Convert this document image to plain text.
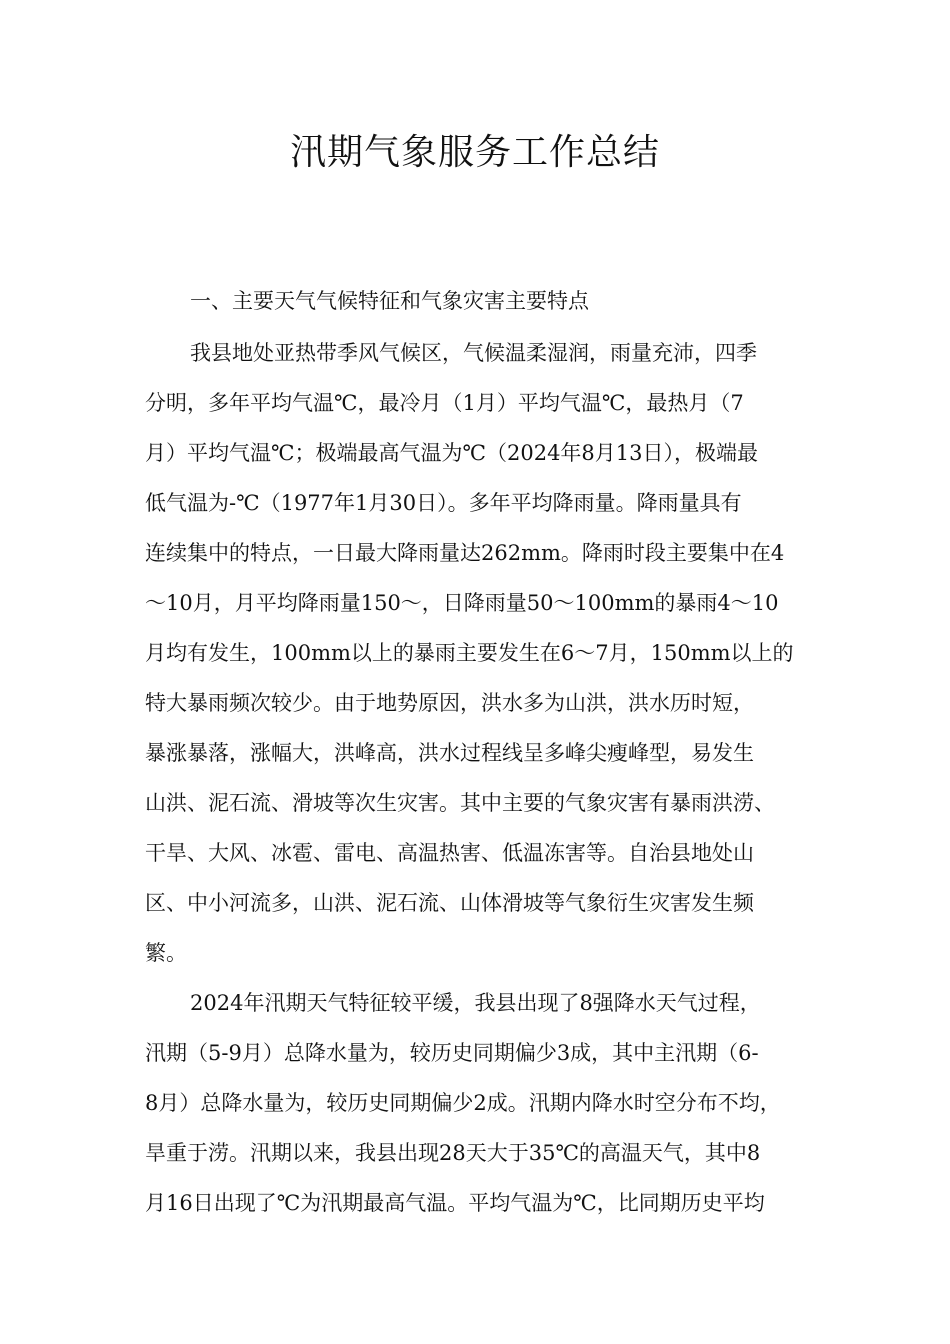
汛期气象服务工作总结
一、主要天气气候特征和气象灾害主要特点

我县地处亚热带季风气候区，气候温柔湿润，雨量充沛，四季

分明，多年平均气温℃，最冷月（1月）平均气温℃，最热月（7

月）平均气温℃；极端最高气温为℃（2024年8月13日），极端最

低气温为-℃（1977年1月30日）。多年平均降雨量。降雨量具有

连续集中的特点，一日最大降雨量达262mm。降雨时段主要集中在4

～10月，月平均降雨量150～，日降雨量50～100mm的暴雨4～10

月均有发生，100mm以上的暴雨主要发生在6～7月，150mm以上的

特大暴雨频次较少。由于地势原因，洪水多为山洪，洪水历时短，

暴涨暴落，涨幅大，洪峰高，洪水过程线呈多峰尖瘦峰型，易发生

山洪、泥石流、滑坡等次生灾害。其中主要的气象灾害有暴雨洪涝、

干旱、大风、冰雹、雷电、高温热害、低温冻害等。自治县地处山

区、中小河流多，山洪、泥石流、山体滑坡等气象衍生灾害发生频

繁。

2024年汛期天气特征较平缓，我县出现了8强降水天气过程，

汛期（5-9月）总降水量为，较历史同期偏少3成，其中主汛期（6-

8月）总降水量为，较历史同期偏少2成。汛期内降水时空分布不均，

旱重于涝。汛期以来，我县出现28天大于35℃的高温天气，其中8

月16日出现了℃为汛期最高气温。平均气温为℃，比同期历史平均
